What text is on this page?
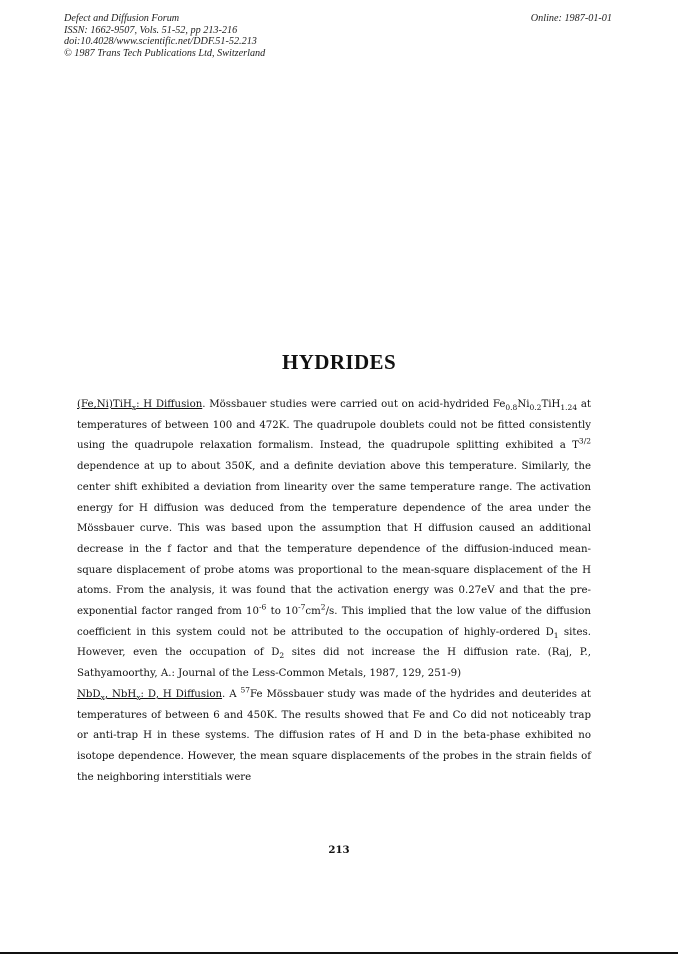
Defect and Diffusion Forum
ISSN: 1662-9507, Vols. 51-52, pp 213-216
doi:10.4028/www.scientific.net/DDF.51-52.213
© 1987 Trans Tech Publications Ltd, Switzerland
Online: 1987-01-01
HYDRIDES

(Fe,Ni)TiH$_x$: H Diffusion. Mössbauer studies were carried out on acid-hydrided $Fe_{0.8}Ni_{0.2}TiH_{1.24}$ at temperatures of between 100 and 472K. The quadrupole doublets could not be fitted consistently using the quadrupole relaxation formalism. Instead, the quadrupole splitting exhibited a $T^{3/2}$ dependence at up to about 350K, and a definite deviation above this temperature. Similarly, the center shift exhibited a deviation from linearity over the same temperature range. The activation energy for H diffusion was deduced from the temperature dependence of the area under the Mössbauer curve. This was based upon the assumption that H diffusion caused an additional decrease in the f factor and that the temperature dependence of the diffusion-induced mean-square displacement of probe atoms was proportional to the mean-square displacement of the H atoms. From the analysis, it was found that the activation energy was 0.27eV and that the pre-exponential factor ranged from $10^{-6}$ to $10^{-7}cm^2/s$. This implied that the low value of the diffusion coefficient in this system could not be attributed to the occupation of highly-ordered $D_1$ sites. However, even the occupation of $D_2$ sites did not increase the H diffusion rate. (Raj, P., Sathyamoorthy, A.: Journal of the Less-Common Metals, 1987, 129, 251-9)

NbD$_x$, NbH$_x$: D, H Diffusion. A $^{57}$Fe Mössbauer study was made of the hydrides and deuterides at temperatures of between 6 and 450K. The results showed that Fe and Co did not noticeably trap or anti-trap H in these systems. The diffusion rates of H and D in the beta-phase exhibited no isotope dependence. However, the mean square displacements of the probes in the strain fields of the neighboring interstitials were

213
